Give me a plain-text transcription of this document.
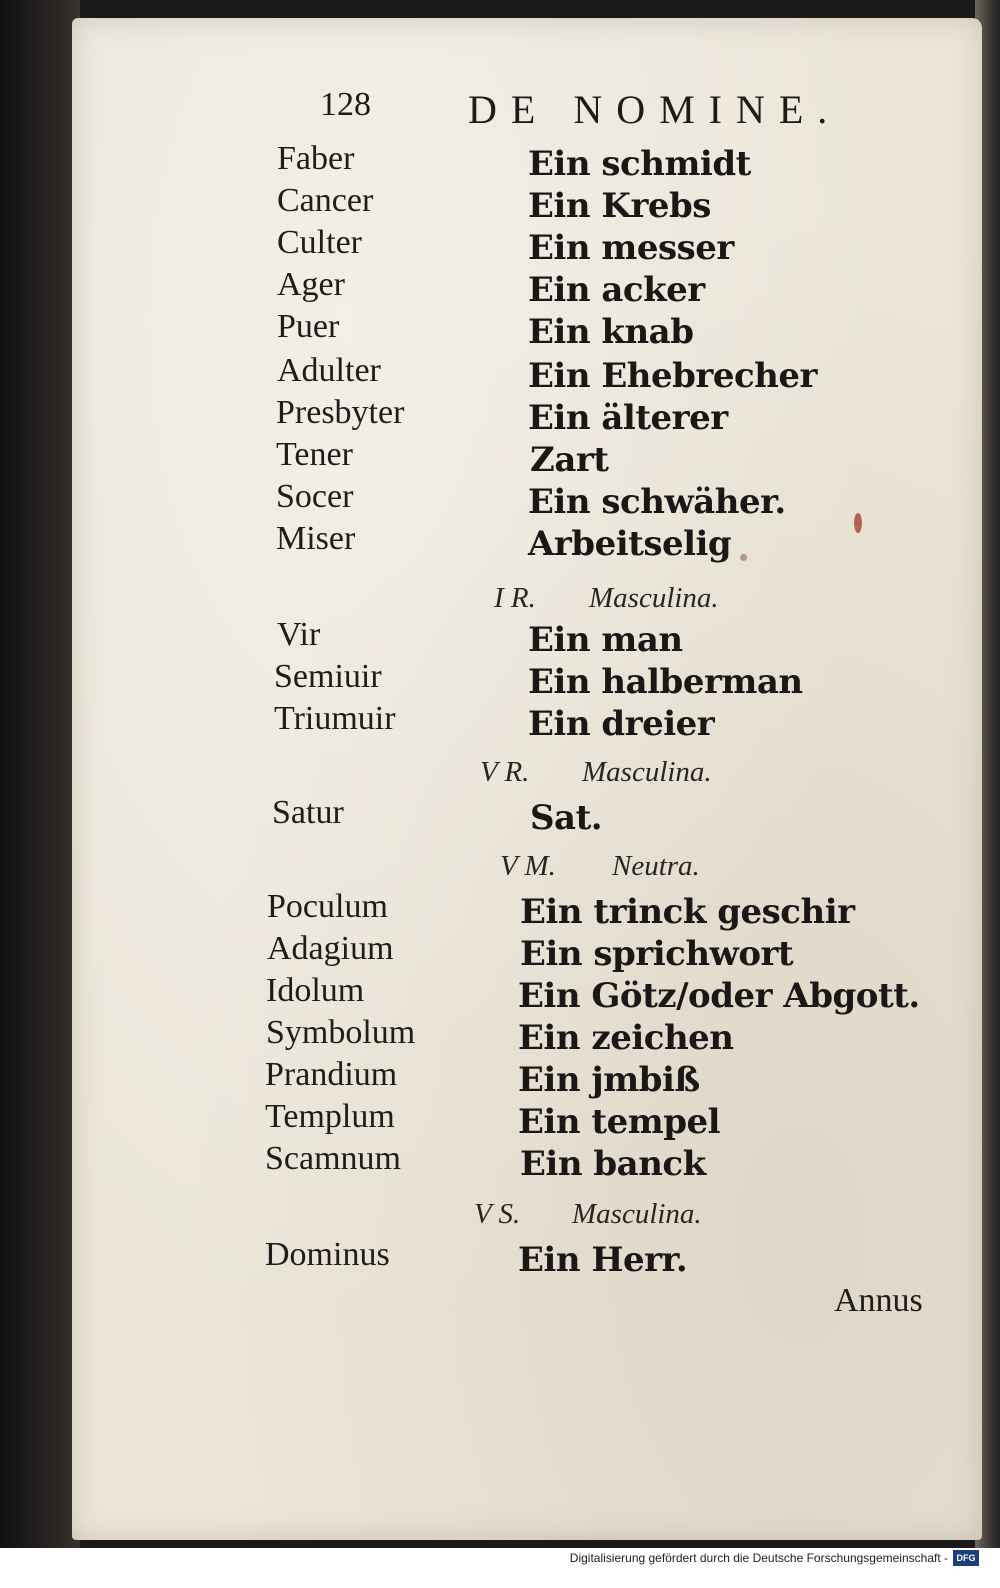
128 DE NOMINE.
Faber	Ein schmidt
Cancer	Ein Krebs
Culter	Ein messer
Ager	Ein acker
Puer	Ein knab
Adulter	Ein Ehebrecher
Presbyter	Ein älterer
Tener	Zart
Socer	Ein schwäher.
Miser	Arbeitselig
I R. Masculina.
Vir	Ein man
Semiuir	Ein halberman
Triumuir	Ein dreier
V R. Masculina.
Satur	Sat.
V M. Neutra.
Poculum	Ein trinck geschir
Adagium	Ein sprichwort
Idolum	Ein Götz/oder Abgott.
Symbolum	Ein zeichen
Prandium	Ein jmbiß
Templum	Ein tempel
Scamnum	Ein banck
V S. Masculina.
Dominus	Ein Herr.
Annus
Digitalisierung gefördert durch die Deutsche Forschungsgemeinschaft - DFG
